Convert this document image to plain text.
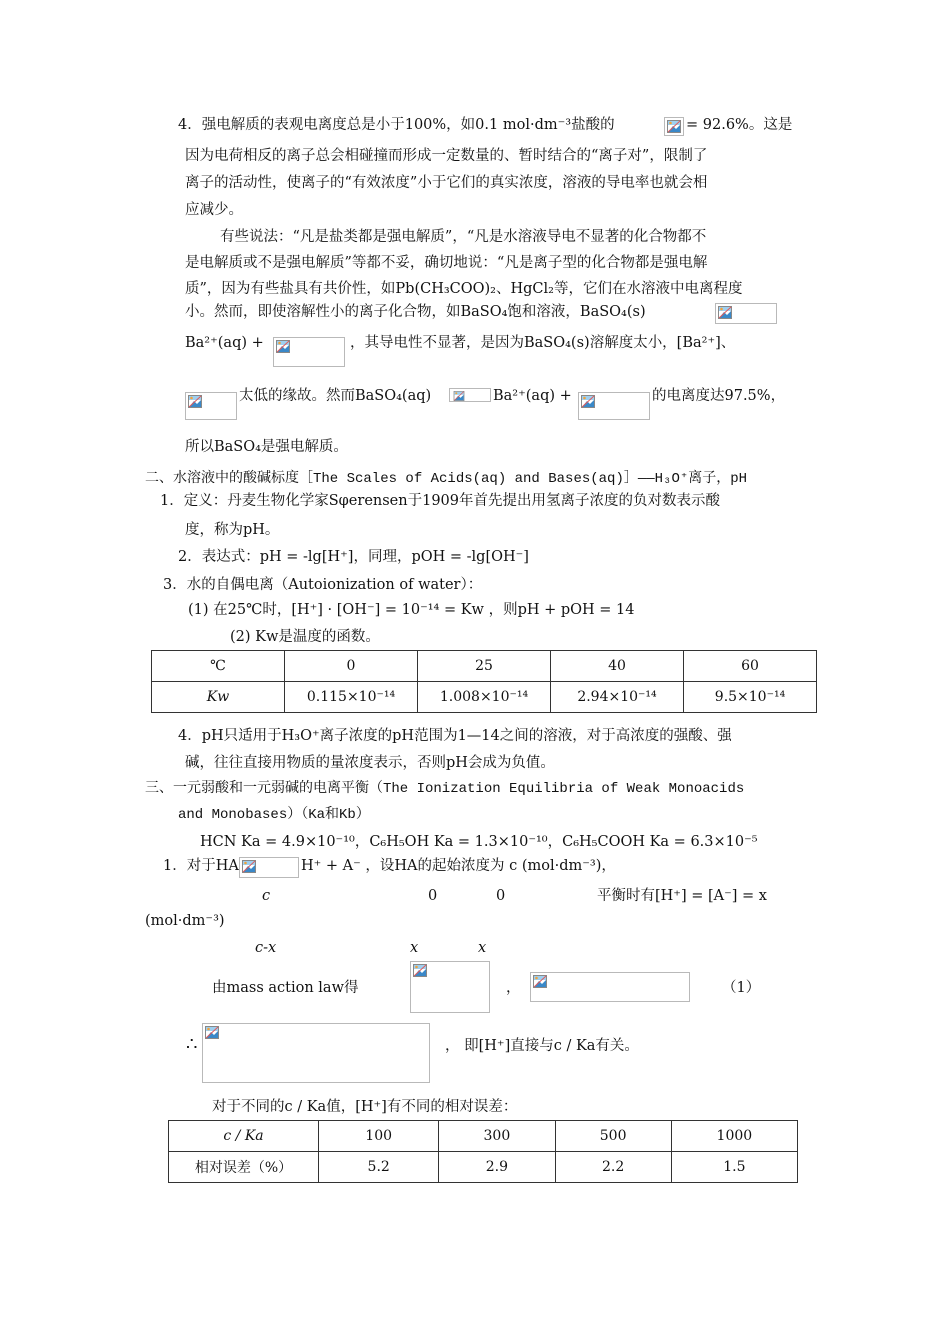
4．强电解质的表观电离度总是小于100%，如0.1 mol·dm⁻³盐酸的	= 92.6%。这是
因为电荷相反的离子总会相碰撞而形成一定数量的、暂时结合的“离子对”，限制了
离子的活动性，使离子的“有效浓度”小于它们的真实浓度，溶液的导电率也就会相
应减少。
有些说法：“凡是盐类都是强电解质”，“凡是水溶液导电不显著的化合物都不
是电解质或不是强电解质”等都不妥，确切地说：“凡是离子型的化合物都是强电解
质”，因为有些盐具有共价性，如Pb(CH₃COO)₂、HgCl₂等，它们在水溶液中电离程度
小。然而，即使溶解性小的离子化合物，如BaSO₄饱和溶液，BaSO₄(s)
Ba²⁺(aq) +	，其导电性不显著，是因为BaSO₄(s)溶解度太小，[Ba²⁺]、
太低的缘故。然而BaSO₄(aq)	Ba²⁺(aq) +	的电离度达97.5%，
所以BaSO₄是强电解质。
二、水溶液中的酸碱标度［The Scales of Acids(aq) and Bases(aq)］——H₃O⁺离子，pH
1．定义：丹麦生物化学家Sφerensen于1909年首先提出用氢离子浓度的负对数表示酸
度，称为pH。
2．表达式：pH = -lg[H⁺]，同理，pOH = -lg[OH⁻]
3．水的自偶电离（Autoionization of water）：
(1) 在25℃时，[H⁺] · [OH⁻] = 10⁻¹⁴ = Kw ，则pH + pOH = 14
(2) Kw是温度的函数。
℃	0	25	40	60
Kw	0.115×10⁻¹⁴	1.008×10⁻¹⁴	2.94×10⁻¹⁴	9.5×10⁻¹⁴
4．pH只适用于H₃O⁺离子浓度的pH范围为1—14之间的溶液，对于高浓度的强酸、强
碱，往往直接用物质的量浓度表示，否则pH会成为负值。
三、一元弱酸和一元弱碱的电离平衡（The Ionization Equilibria of Weak Monoacids
and Monobases）（Ka和Kb）
HCN Ka = 4.9×10⁻¹⁰，C₆H₅OH Ka = 1.3×10⁻¹⁰，C₆H₅COOH Ka = 6.3×10⁻⁵
1．对于HA	H⁺ + A⁻ ，设HA的起始浓度为 c (mol·dm⁻³)，
c	0	0	平衡时有[H⁺] = [A⁻] = x
(mol·dm⁻³)
c-x	x	x
由mass action law得	，	（1）
∴	， 即[H⁺]直接与c / Ka有关。
对于不同的c / Ka值，[H⁺]有不同的相对误差：
c / Ka	100	300	500	1000
相对误差（%）	5.2	2.9	2.2	1.5
